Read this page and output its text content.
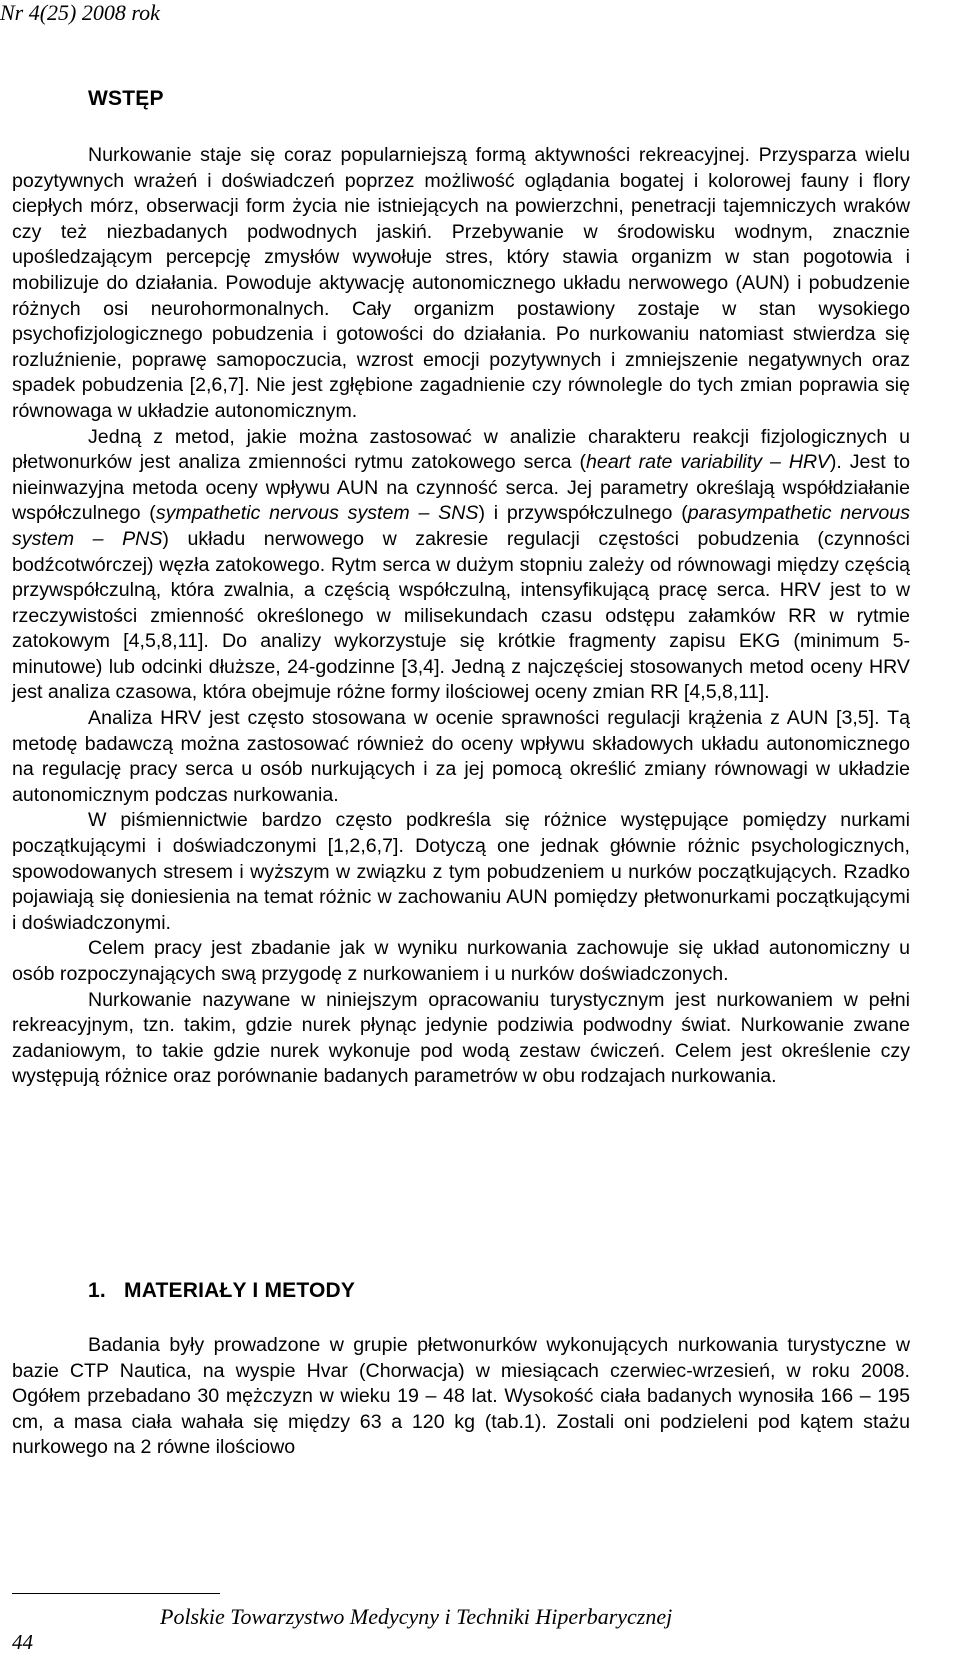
Nr 4(25) 2008 rok
WSTĘP

Nurkowanie staje się coraz popularniejszą formą aktywności rekreacyjnej. Przysparza wielu pozytywnych wrażeń i doświadczeń poprzez możliwość oglądania bogatej i kolorowej fauny i flory ciepłych mórz, obserwacji form życia nie istniejących na powierzchni, penetracji tajemniczych wraków czy też niezbadanych podwodnych jaskiń. Przebywanie w środowisku wodnym, znacznie upośledzającym percepcję zmysłów wywołuje stres, który stawia organizm w stan pogotowia i mobilizuje do działania. Powoduje aktywację autonomicznego układu nerwowego (AUN) i pobudzenie różnych osi neurohormonalnych. Cały organizm postawiony zostaje w stan wysokiego psychofizjologicznego pobudzenia i gotowości do działania. Po nurkowaniu natomiast stwierdza się rozluźnienie, poprawę samopoczucia, wzrost emocji pozytywnych i zmniejszenie negatywnych oraz spadek pobudzenia [2,6,7]. Nie jest zgłębione zagadnienie czy równolegle do tych zmian poprawia się równowaga w układzie autonomicznym.

Jedną z metod, jakie można zastosować w analizie charakteru reakcji fizjologicznych u płetwonurków jest analiza zmienności rytmu zatokowego serca (heart rate variability – HRV). Jest to nieinwazyjna metoda oceny wpływu AUN na czynność serca. Jej parametry określają współdziałanie współczulnego (sympathetic nervous system – SNS) i przywspółczulnego (parasympathetic nervous system – PNS) układu nerwowego w zakresie regulacji częstości pobudzenia (czynności bodźcotwórczej) węzła zatokowego. Rytm serca w dużym stopniu zależy od równowagi między częścią przywspółczulną, która zwalnia, a częścią współczulną, intensyfikującą pracę serca. HRV jest to w rzeczywistości zmienność określonego w milisekundach czasu odstępu załamków RR w rytmie zatokowym [4,5,8,11]. Do analizy wykorzystuje się krótkie fragmenty zapisu EKG (minimum 5-minutowe) lub odcinki dłuższe, 24-godzinne [3,4]. Jedną z najczęściej stosowanych metod oceny HRV jest analiza czasowa, która obejmuje różne formy ilościowej oceny zmian RR [4,5,8,11].

Analiza HRV jest często stosowana w ocenie sprawności regulacji krążenia z AUN [3,5]. Tą metodę badawczą można zastosować również do oceny wpływu składowych układu autonomicznego na regulację pracy serca u osób nurkujących i za jej pomocą określić zmiany równowagi w układzie autonomicznym podczas nurkowania.

W piśmiennictwie bardzo często podkreśla się różnice występujące pomiędzy nurkami początkującymi i doświadczonymi [1,2,6,7]. Dotyczą one jednak głównie różnic psychologicznych, spowodowanych stresem i wyższym w związku z tym pobudzeniem u nurków początkujących. Rzadko pojawiają się doniesienia na temat różnic w zachowaniu AUN pomiędzy płetwonurkami początkującymi i doświadczonymi.

Celem pracy jest zbadanie jak w wyniku nurkowania zachowuje się układ autonomiczny u osób rozpoczynających swą przygodę z nurkowaniem i u nurków doświadczonych.

Nurkowanie nazywane w niniejszym opracowaniu turystycznym jest nurkowaniem w pełni rekreacyjnym, tzn. takim, gdzie nurek płynąc jedynie podziwia podwodny świat. Nurkowanie zwane zadaniowym, to takie gdzie nurek wykonuje pod wodą zestaw ćwiczeń. Celem jest określenie czy występują różnice oraz porównanie badanych parametrów w obu rodzajach nurkowania.

1. MATERIAŁY I METODY

Badania były prowadzone w grupie płetwonurków wykonujących nurkowania turystyczne w bazie CTP Nautica, na wyspie Hvar (Chorwacja) w miesiącach czerwiec-wrzesień, w roku 2008. Ogółem przebadano 30 mężczyzn w wieku 19 – 48 lat. Wysokość ciała badanych wynosiła 166 – 195 cm, a masa ciała wahała się między 63 a 120 kg (tab.1). Zostali oni podzieleni pod kątem stażu nurkowego na 2 równe ilościowo

Polskie Towarzystwo Medycyny i Techniki Hiperbarycznej
44
